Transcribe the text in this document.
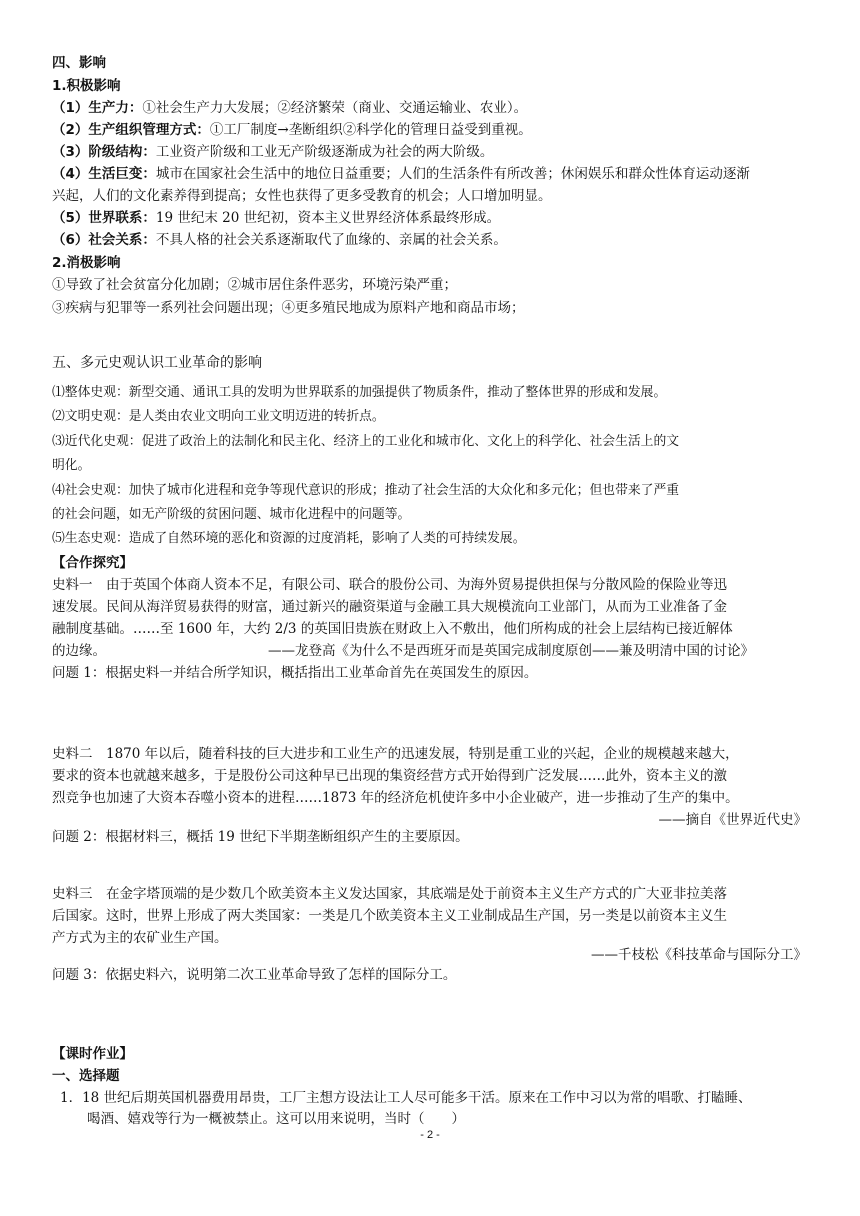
四、影响
1.积极影响
（1）生产力：①社会生产力大发展；②经济繁荣（商业、交通运输业、农业）。
（2）生产组织管理方式：①工厂制度→垄断组织②科学化的管理日益受到重视。
（3）阶级结构：工业资产阶级和工业无产阶级逐渐成为社会的两大阶级。
（4）生活巨变：城市在国家社会生活中的地位日益重要；人们的生活条件有所改善；休闲娱乐和群众性体育运动逐渐
兴起，人们的文化素养得到提高；女性也获得了更多受教育的机会；人口增加明显。
（5）世界联系：19 世纪末 20 世纪初，资本主义世界经济体系最终形成。
（6）社会关系：不具人格的社会关系逐渐取代了血缘的、亲属的社会关系。
2.消极影响
①导致了社会贫富分化加剧；②城市居住条件恶劣，环境污染严重；
③疾病与犯罪等一系列社会问题出现；④更多殖民地成为原料产地和商品市场；
五、多元史观认识工业革命的影响
⑴整体史观：新型交通、通讯工具的发明为世界联系的加强提供了物质条件，推动了整体世界的形成和发展。
⑵文明史观：是人类由农业文明向工业文明迈进的转折点。
⑶近代化史观：促进了政治上的法制化和民主化、经济上的工业化和城市化、文化上的科学化、社会生活上的文
明化。
⑷社会史观：加快了城市化进程和竞争等现代意识的形成；推动了社会生活的大众化和多元化；但也带来了严重
的社会问题，如无产阶级的贫困问题、城市化进程中的问题等。
⑸生态史观：造成了自然环境的恶化和资源的过度消耗，影响了人类的可持续发展。
【合作探究】
史料一　由于英国个体商人资本不足，有限公司、联合的股份公司、为海外贸易提供担保与分散风险的保险业等迅
速发展。民间从海洋贸易获得的财富，通过新兴的融资渠道与金融工具大规模流向工业部门，从而为工业准备了金
融制度基础。……至 1600 年，大约 2/3 的英国旧贵族在财政上入不敷出，他们所构成的社会上层结构已接近解体
的边缘。	——龙登高《为什么不是西班牙而是英国完成制度原创——兼及明清中国的讨论》
问题 1：根据史料一并结合所学知识，概括指出工业革命首先在英国发生的原因。
史料二　1870 年以后，随着科技的巨大进步和工业生产的迅速发展，特别是重工业的兴起，企业的规模越来越大，
要求的资本也就越来越多，于是股份公司这种早已出现的集资经营方式开始得到广泛发展……此外，资本主义的激
烈竞争也加速了大资本吞噬小资本的进程……1873 年的经济危机使许多中小企业破产，进一步推动了生产的集中。
——摘自《世界近代史》
问题 2：根据材料三，概括 19 世纪下半期垄断组织产生的主要原因。
史料三　在金字塔顶端的是少数几个欧美资本主义发达国家，其底端是处于前资本主义生产方式的广大亚非拉美落
后国家。这时，世界上形成了两大类国家：一类是几个欧美资本主义工业制成品生产国，另一类是以前资本主义生
产方式为主的农矿业生产国。
——千枝松《科技革命与国际分工》
问题 3：依据史料六，说明第二次工业革命导致了怎样的国际分工。
【课时作业】
一、选择题
1．18 世纪后期英国机器费用昂贵，工厂主想方设法让工人尽可能多干活。原来在工作中习以为常的唱歌、打瞌睡、
　　喝酒、嬉戏等行为一概被禁止。这可以用来说明，当时（　　）
- 2 -
